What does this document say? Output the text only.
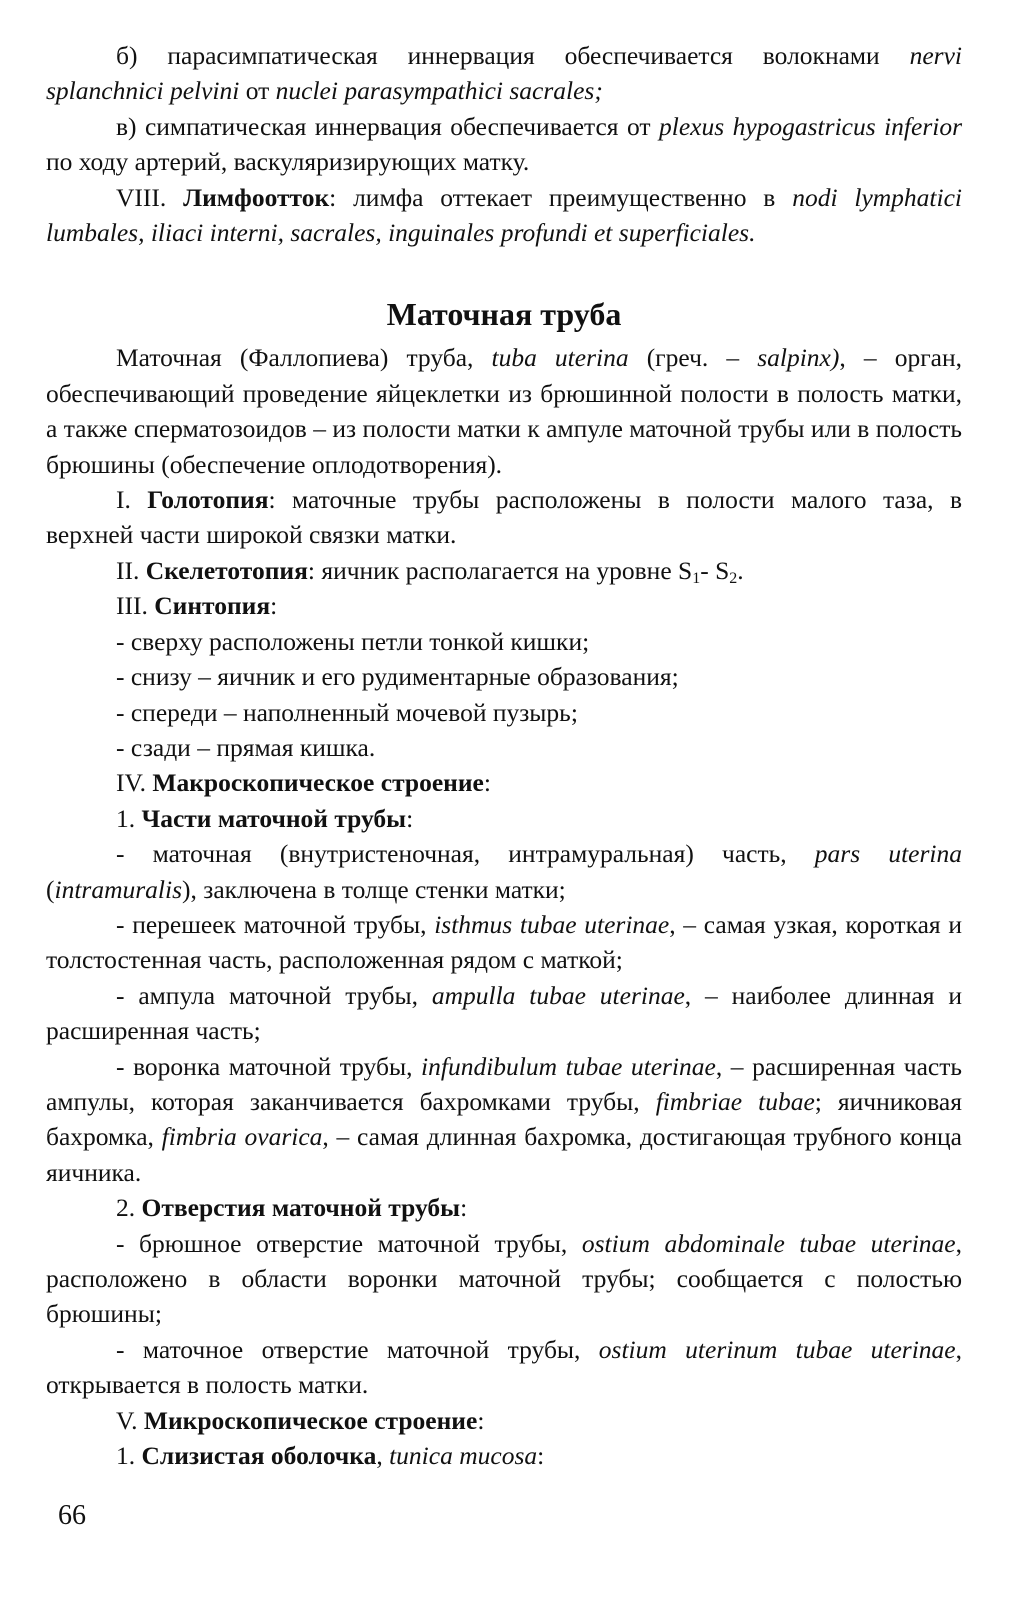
б) парасимпатическая иннервация обеспечивается волокнами nervi splanchnici pelvini от nuclei parasympathici sacrales;

в) симпатическая иннервация обеспечивается от plexus hypogastricus inferior по ходу артерий, васкуляризирующих матку.

VIII. Лимфоотток: лимфа оттекает преимущественно в nodi lymphatici lumbales, iliaci interni, sacrales, inguinales profundi et superficiales.

Маточная труба

Маточная (Фаллопиева) труба, tuba uterina (греч. – salpinx), – орган, обеспечивающий проведение яйцеклетки из брюшинной полости в полость матки, а также сперматозоидов – из полости матки к ампуле маточной трубы или в полость брюшины (обеспечение оплодотворения).

I. Голотопия: маточные трубы расположены в полости малого таза, в верхней части широкой связки матки.

II. Скелетотопия: яичник располагается на уровне $S_1-$ $S_2$.

III. Синтопия:

- сверху расположены петли тонкой кишки;

- снизу – яичник и его рудиментарные образования;

- спереди – наполненный мочевой пузырь;

- сзади – прямая кишка.

IV. Макроскопическое строение:

1. Части маточной трубы:

- маточная (внутристеночная, интрамуральная) часть, pars uterina (intramuralis), заключена в толще стенки матки;

- перешеек маточной трубы, isthmus tubae uterinae, – самая узкая, короткая и толстостенная часть, расположенная рядом с маткой;

- ампула маточной трубы, ampulla tubae uterinae, – наиболее длинная и расширенная часть;

- воронка маточной трубы, infundibulum tubae uterinae, – расширенная часть ампулы, которая заканчивается бахромками трубы, fimbriae tubae; яичниковая бахромка, fimbria ovarica, – самая длинная бахромка, достигающая трубного конца яичника.

2. Отверстия маточной трубы:

- брюшное отверстие маточной трубы, ostium abdominale tubae uterinae, расположено в области воронки маточной трубы; сообщается с полостью брюшины;

- маточное отверстие маточной трубы, ostium uterinum tubae uterinae, открывается в полость матки.

V. Микроскопическое строение:

1. Слизистая оболочка, tunica mucosa:

66
